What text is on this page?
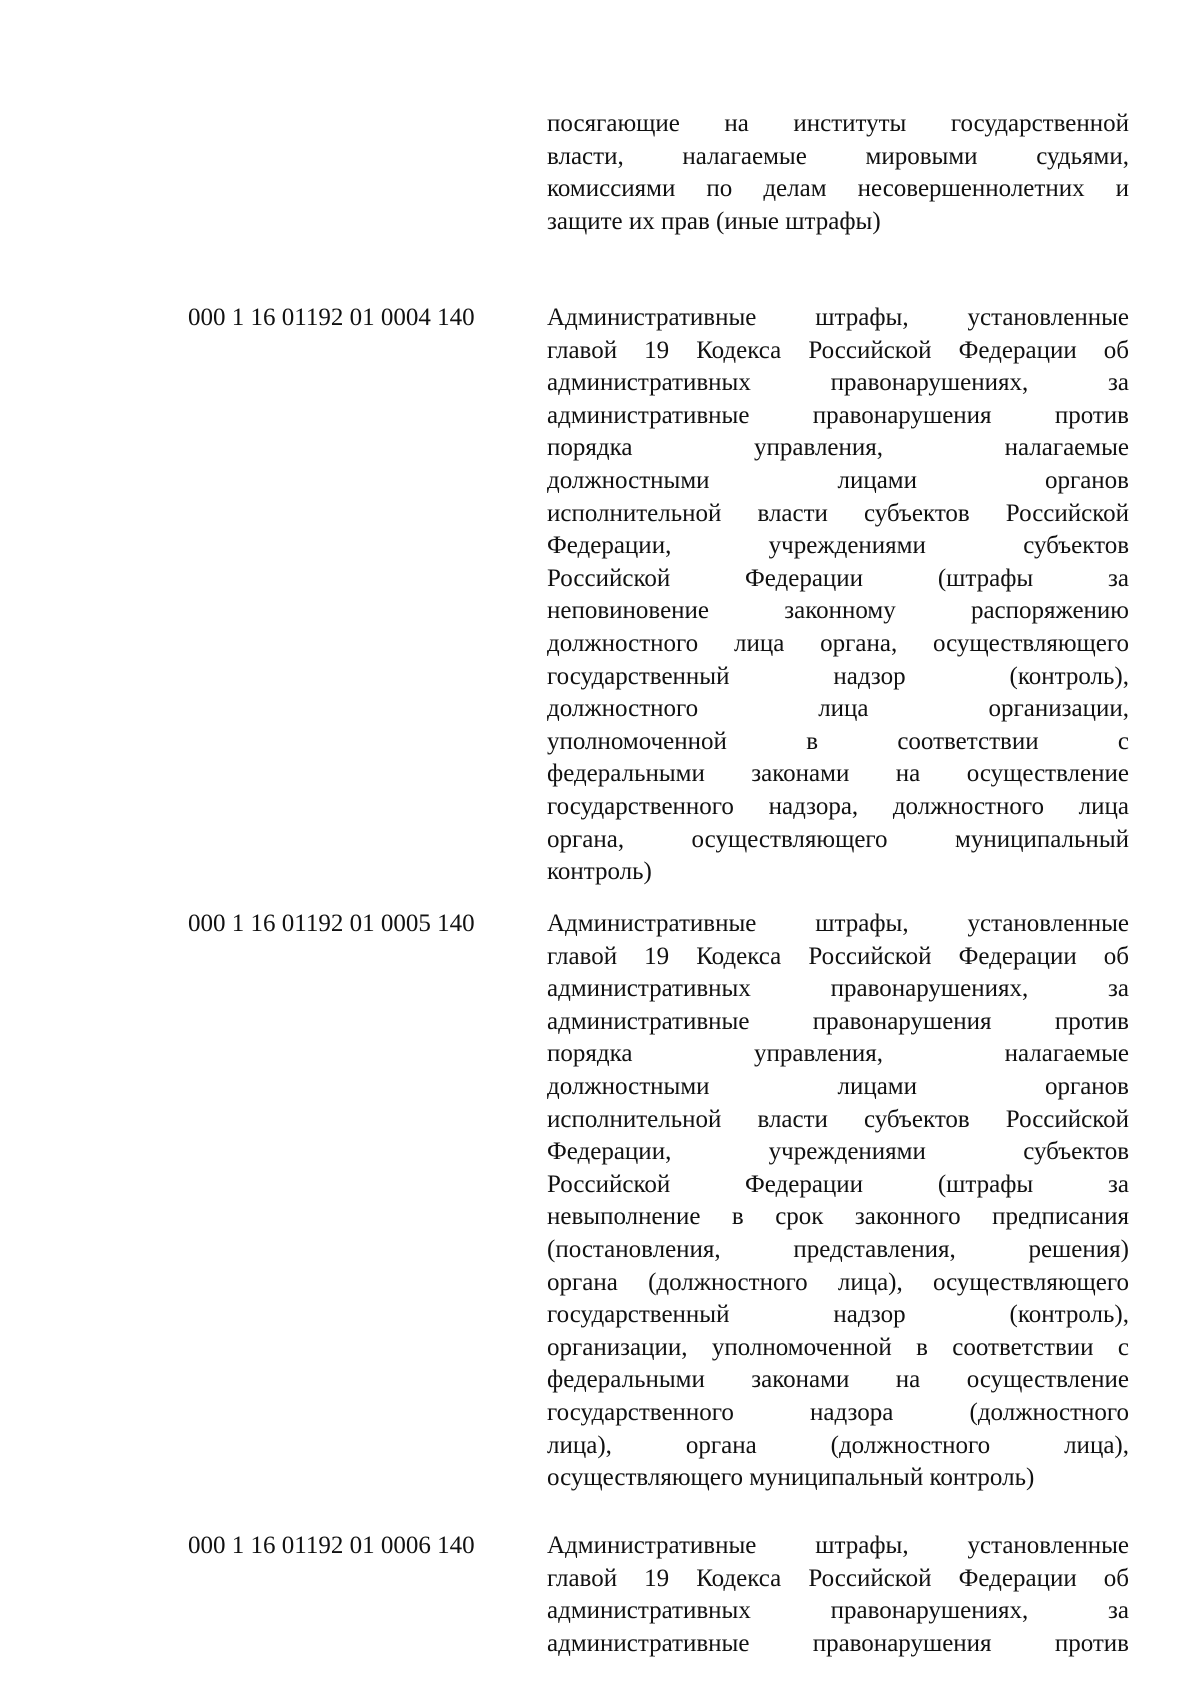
посягающие на институты государственной
власти, налагаемые мировыми судьями,
комиссиями по делам несовершеннолетних и
защите их прав (иные штрафы)
000 1 16 01192 01 0004 140	Административные штрафы, установленные
главой 19 Кодекса Российской Федерации об
административных правонарушениях, за
административные правонарушения против
порядка управления, налагаемые
должностными лицами органов
исполнительной власти субъектов Российской
Федерации, учреждениями субъектов
Российской Федерации (штрафы за
неповиновение законному распоряжению
должностного лица органа, осуществляющего
государственный надзор (контроль),
должностного лица организации,
уполномоченной в соответствии с
федеральными законами на осуществление
государственного надзора, должностного лица
органа, осуществляющего муниципальный
контроль)
000 1 16 01192 01 0005 140	Административные штрафы, установленные
главой 19 Кодекса Российской Федерации об
административных правонарушениях, за
административные правонарушения против
порядка управления, налагаемые
должностными лицами органов
исполнительной власти субъектов Российской
Федерации, учреждениями субъектов
Российской Федерации (штрафы за
невыполнение в срок законного предписания
(постановления, представления, решения)
органа (должностного лица), осуществляющего
государственный надзор (контроль),
организации, уполномоченной в соответствии с
федеральными законами на осуществление
государственного надзора (должностного
лица), органа (должностного лица),
осуществляющего муниципальный контроль)
000 1 16 01192 01 0006 140	Административные штрафы, установленные
главой 19 Кодекса Российской Федерации об
административных правонарушениях, за
административные правонарушения против
